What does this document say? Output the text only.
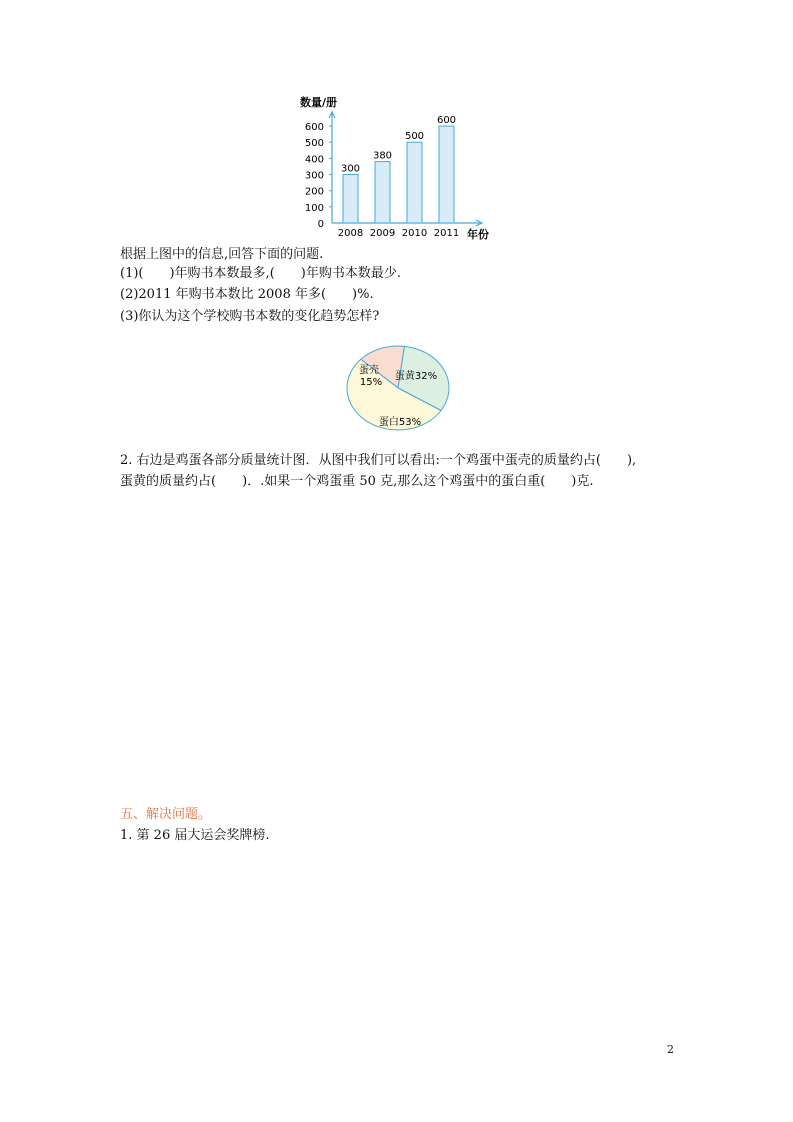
0
100
200
300
400
500
600
300
2008
380
2009
500
2010
600
2011
数量/册
年份
根据上图中的信息,回答下面的问题.
(1)(　　)年购书本数最多,(　　)年购书本数最少.
(2)2011 年购书本数比 2008 年多(　　)%.
(3)你认为这个学校购书本数的变化趋势怎样?
蛋壳
15%
蛋黄32%
蛋白53%
2. 右边是鸡蛋各部分质量统计图．从图中我们可以看出:一个鸡蛋中蛋壳的质量约占(　　),
蛋黄的质量约占(　　)．.如果一个鸡蛋重 50 克,那么这个鸡蛋中的蛋白重(　　)克.
五、解决问题。
1. 第 26 届大运会奖牌榜.
2
